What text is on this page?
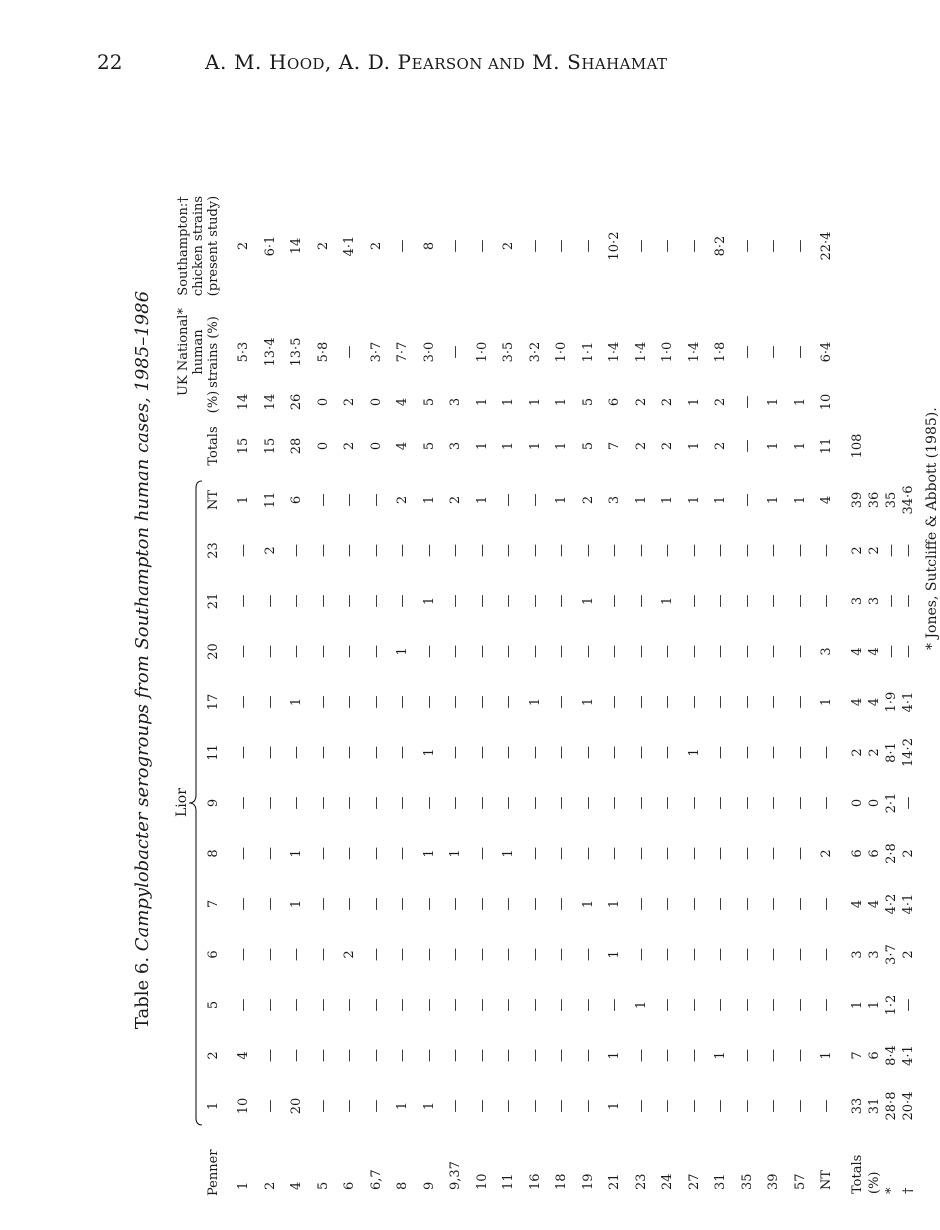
22	A. M. HOOD, A. D. PEARSON AND M. SHAHAMAT
Table 6. Campylobacter serogroups from Southampton human cases, 1985–1986 Lior
Penner
1
2
5
6
7
8
9
11
17
20
21
23
NT
Totals
(%)
UK National* human strains (%)
Southampton:† chicken strains (present study)
1
10
4
—
—
—
—
—
—
—
—
—
—
1
15
14
5·3
2
2
—
—
—
—
—
—
—
—
—
—
—
2
11
15
14
13·4
6·1
4
20
—
—
—
1
1
—
—
1
—
—
—
6
28
26
13·5
14
5
—
—
—
—
—
—
—
—
—
—
—
—
—
0
0
5·8
2
6
—
—
—
2
—
—
—
—
—
—
—
—
—
2
2
—
4·1
6,7
—
—
—
—
—
—
—
—
—
—
—
—
—
0
0
3·7
2
8
1
—
—
—
—
—
—
—
—
1
—
—
2
4
4
7·7
—
9
1
—
—
—
—
1
—
1
—
—
1
—
1
5
5
3·0
8
9,37
—
—
—
—
—
1
—
—
—
—
—
—
2
3
3
—
—
10
—
—
—
—
—
—
—
—
—
—
—
—
1
1
1
1·0
—
11
—
—
—
—
—
1
—
—
—
—
—
—
—
1
1
3·5
2
16
—
—
—
—
—
—
—
—
1
—
—
—
—
1
1
3·2
—
18
—
—
—
—
—
—
—
—
—
—
—
—
1
1
1
1·0
—
19
—
—
—
—
1
—
—
—
1
—
1
—
2
5
5
1·1
—
21
1
1
—
1
1
—
—
—
—
—
—
—
3
7
6
1·4
10·2
23
—
—
1
—
—
—
—
—
—
—
—
—
1
2
2
1·4
—
24
—
—
—
—
—
—
—
—
—
—
1
—
1
2
2
1·0
—
27
—
—
—
—
—
—
—
1
—
—
—
—
1
1
1
1·4
—
31
—
1
—
—
—
—
—
—
—
—
—
—
1
2
2
1·8
8·2
35
—
—
—
—
—
—
—
—
—
—
—
—
—
—
—
—
—
39
—
—
—
—
—
—
—
—
—
—
—
—
1
1
1
—
—
57
—
—
—
—
—
—
—
—
—
—
—
—
1
1
1
—
—
NT
—
1
—
—
—
2
—
—
1
3
—
—
4
11
10
6·4
22·4
Totals
33
7
1
3
4
6
0
2
4
4
3
2
39
108
(%)
31
6
1
3
4
6
0
2
4
4
3
2
36
*
28·8
8·4
1·2
3·7
4·2
2·8
2·1
8·1
1·9
—
—
—
35
†
20·4
4·1
—
2
4·1
2
—
14·2
4·1
—
—
—
34·6 * Jones, Sutcliffe & Abbott (1985).
